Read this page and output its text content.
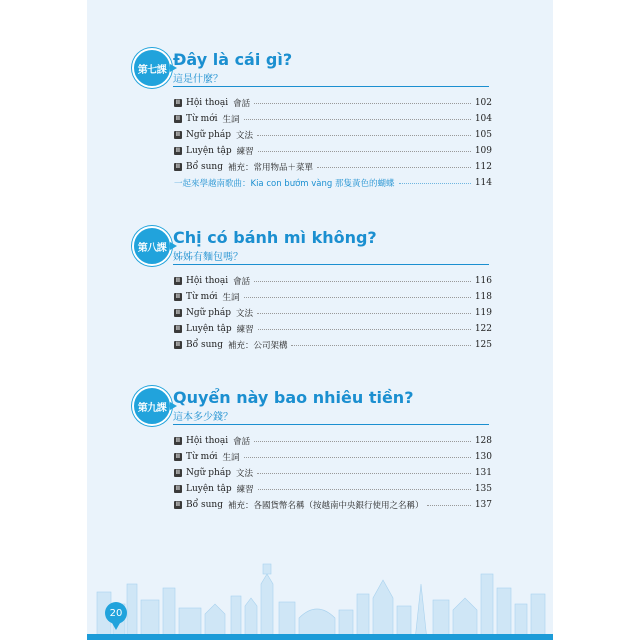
第七課
Đây là cái gì?
這是什麼？
Ⅲ Hội thoại 會話	102
Ⅲ Từ mới 生詞	104
Ⅲ Ngữ pháp 文法	105
Ⅲ Luyện tập 練習	109
Ⅲ Bổ sung 補充：常用物品＋菜單	112
一起來學越南歌曲：Kia con bướm vàng 那隻黃色的蝴蝶	114
第八課
Chị có bánh mì không?
姊姊有麵包嗎？
Ⅲ Hội thoại 會話	116
Ⅲ Từ mới 生詞	118
Ⅲ Ngữ pháp 文法	119
Ⅲ Luyện tập 練習	122
Ⅲ Bổ sung 補充：公司架構	125
第九課
Quyển này bao nhiêu tiền?
這本多少錢？
Ⅲ Hội thoại 會話	128
Ⅲ Từ mới 生詞	130
Ⅲ Ngữ pháp 文法	131
Ⅲ Luyện tập 練習	135
Ⅲ Bổ sung 補充：各國貨幣名稱（按越南中央銀行使用之名稱）	137
20
